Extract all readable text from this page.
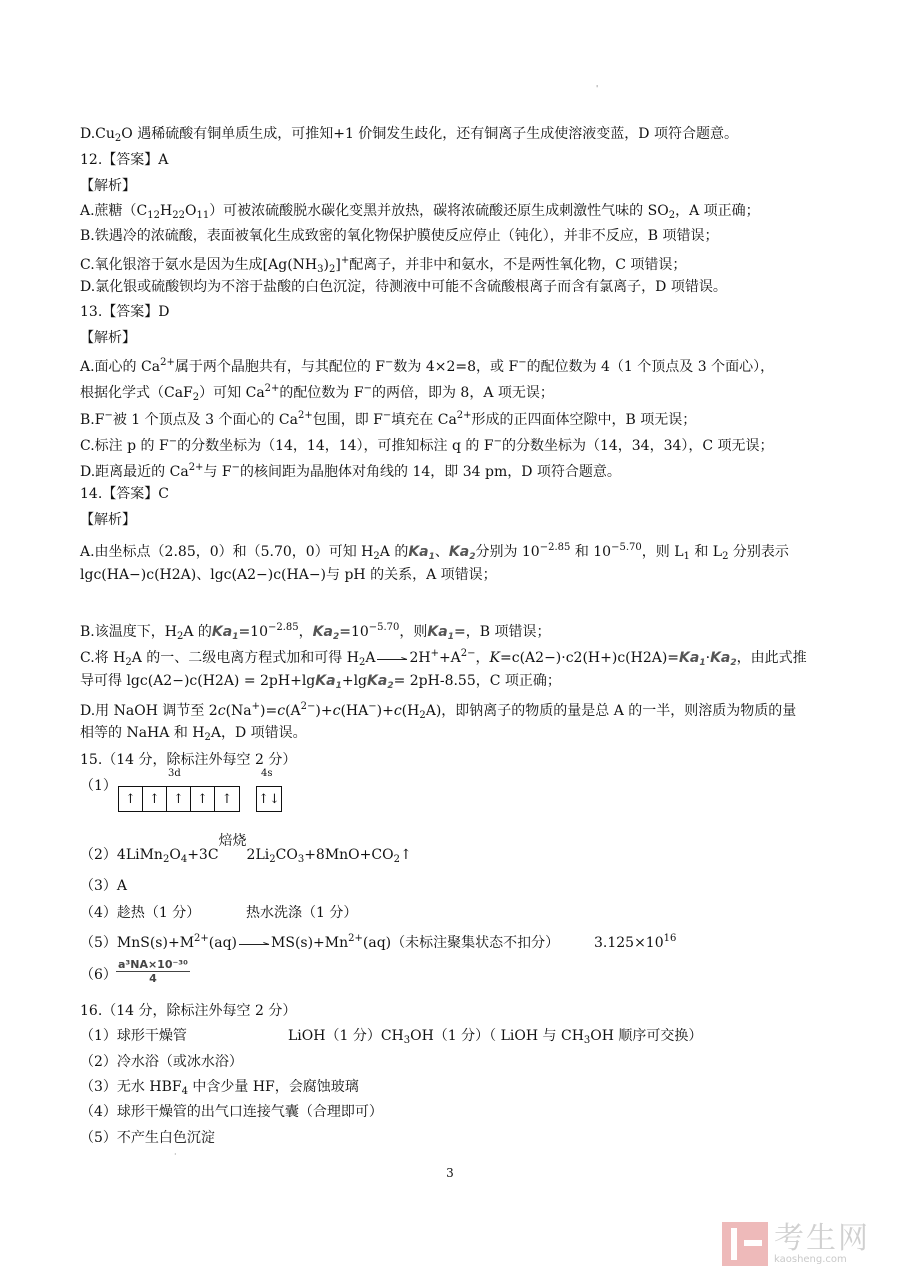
'
$D.Cu_2O$ 遇稀硫酸有铜单质生成，可推知+1 价铜发生歧化，还有铜离子生成使溶液变蓝，D 项符合题意。
12.【答案】A
【解析】
A.蔗糖$(C_{12}H_{22}O_{11})$可被浓硫酸脱水碳化变黑并放热，碳将浓硫酸还原生成刺激性气味的 $SO_2$，A 项正确；
B.铁遇冷的浓硫酸，表面被氧化生成致密的氧化物保护膜使反应停止（钝化），并非不反应，B 项错误；
C.氧化银溶于氨水是因为生成$[Ag(NH_3)_2]^+$配离子，并非中和氨水，不是两性氧化物，C 项错误；
D.氯化银或硫酸钡均为不溶于盐酸的白色沉淀，待测液中可能不含硫酸根离子而含有氯离子，D 项错误。
13.【答案】D
【解析】
A.面心的 $Ca^{2+}$属于两个晶胞共有，与其配位的 F−数为 4×2=8，或 F−的配位数为 4（1 个顶点及 3 个面心），
根据化学式（CaF$_2$）可知 $Ca^{2+}$的配位数为 F−的两倍，即为 8，A 项无误；
B.F−被 1 个顶点及 3 个面心的 $Ca^{2+}$包围，即 F−填充在 $Ca^{2+}$形成的正四面体空隙中，B 项无误；
C.标注 p 的 F−的分数坐标为（14，14，14），可推知标注 q 的 F−的分数坐标为（14，34，34），C 项无误；
D.距离最近的 $Ca^{2+}$与 F−的核间距为晶胞体对角线的 14，即 34 pm，D 项符合题意。
14.【答案】C
【解析】
A.由坐标点（2.85，0）和（5.70，0）可知 $H_2A$ 的$Ka_1$、$Ka_2$分别为 $10^{-2.85}$ 和 $10^{-5.70}$，则 $L_1$ 和 $L_2$ 分别表示
lgc(HA−)c(H2A)、lgc(A2−)c(HA−)与 pH 的关系，A 项错误；
B.该温度下，$H_2A$ 的$Ka_1=10^{-2.85}$，$Ka_2=10^{-5.70}$，则$Ka_1=$，B 项错误；
C.将 $H_2A$ 的一、二级电离方程式加和可得 $H_2A$ $2H^++A^{2-}$，$K=c(A2-)\cdot c2(H+)c(H2A)=Ka_1\cdot Ka_2$，由此式推
导可得 lgc(A2−)c(H2A) = 2pH+lgKa$_1$+lgKa$_2$= 2pH-8.55，C 项正确；
D.用 NaOH 调节至 $2c(Na^+)=c(A^{2-})+c(HA^-)+c(H_2A)$，即钠离子的物质的量是总 A 的一半，则溶质为物质的量
相等的 NaHA 和 $H_2A$，D 项错误。
15.（14 分，除标注外每空 2 分）
（1）
3d	4s
↑	↑	↑	↑	↑	↑↓
$(2)4LiMn_2O_4+3C$焙烧$2Li_2CO_3+8MnO+CO_2↑$
（3）A
（4）趁热（1 分）	热水洗涤（1 分）
$(5)MnS(s)+M^{2+}(aq)$ $MS(s)+Mn^{2+}(aq)$（未标注聚集状态不扣分） $3.125\times 10^{16}$
$(6) \frac{\text{a³NA×10⁻³⁰}}{4}$
16.（14 分，除标注外每空 2 分）
（1）球形干燥管	LiOH（1 分）$CH_3OH(1$ 分）（ LiOH 与 $CH_3OH$ 顺序可交换）
（2）冷水浴（或冰水浴）
（3）无水 $HBF_4$ 中含少量 HF，会腐蚀玻璃
（4）球形干燥管的出气口连接气囊（合理即可）
（5）不产生白色沉淀
·
3
考生网
kaosheng.com
